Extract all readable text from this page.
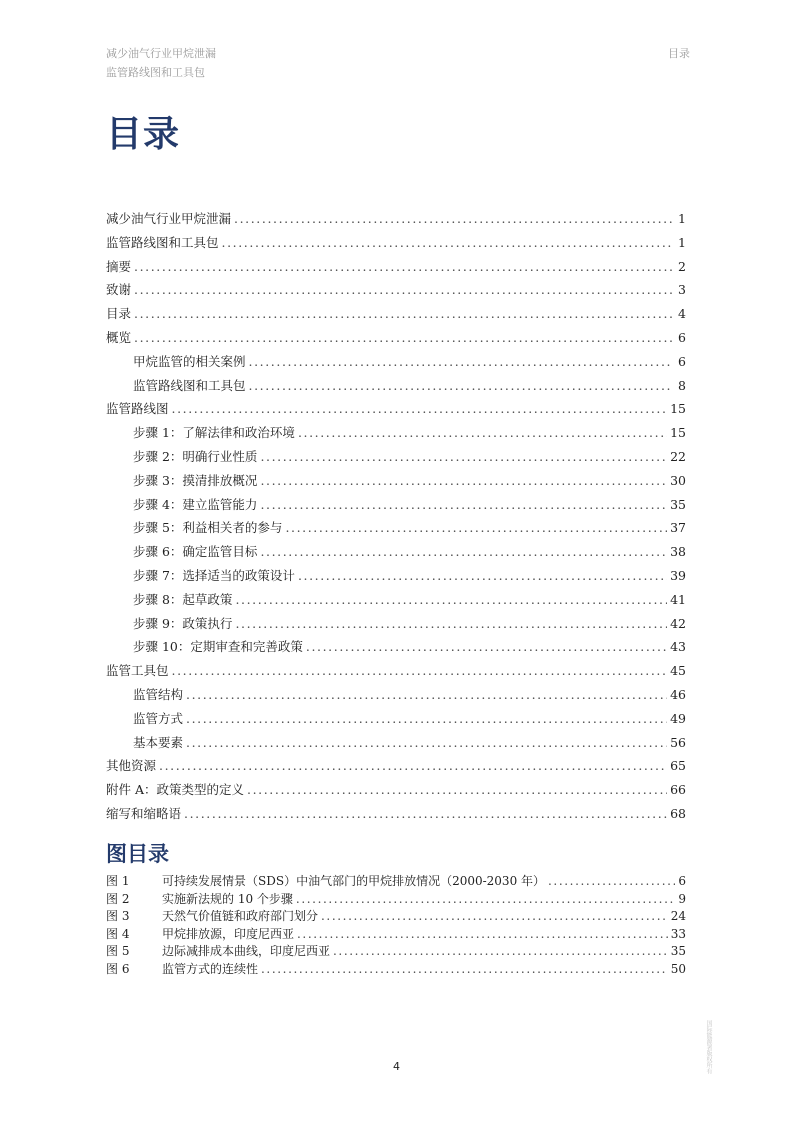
减少油气行业甲烷泄漏
监管路线图和工具包
目录
目录
减少油气行业甲烷泄漏 .....	1
监管路线图和工具包 .....	1
摘要 .....	2
致谢 .....	3
目录 .....	4
概览 .....	6
甲烷监管的相关案例 .....	6
监管路线图和工具包 .....	8
监管路线图 .....	15
步骤 1：了解法律和政治环境 .....	15
步骤 2：明确行业性质 .....	22
步骤 3：摸清排放概况 .....	30
步骤 4：建立监管能力 .....	35
步骤 5：利益相关者的参与 .....	37
步骤 6：确定监管目标 .....	38
步骤 7：选择适当的政策设计 .....	39
步骤 8：起草政策 .....	41
步骤 9：政策执行 .....	42
步骤 10：定期审查和完善政策 .....	43
监管工具包 .....	45
监管结构 .....	46
监管方式 .....	49
基本要素 .....	56
其他资源 .....	65
附件 A：政策类型的定义 .....	66
缩写和缩略语 .....	68
图目录
图 1	可持续发展情景（SDS）中油气部门的甲烷排放情况（2000-2030 年） .....	6
图 2	实施新法规的 10 个步骤 .....	9
图 3	天然气价值链和政府部门划分 .....	24
图 4	甲烷排放源，印度尼西亚 .....	33
图 5	边际减排成本曲线，印度尼西亚 .....	35
图 6	监管方式的连续性 .....	50
4	国际能源署版权所有
